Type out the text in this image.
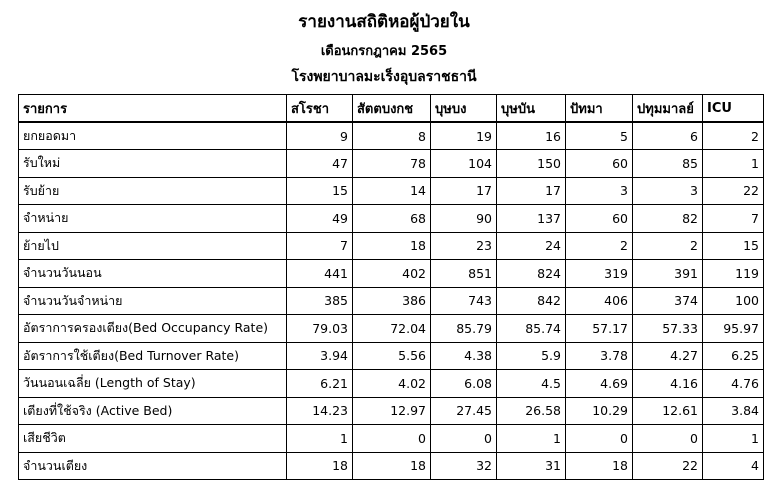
รายงานสถิติหอผู้ป่วยใน
เดือนกรกฎาคม 2565
โรงพยาบาลมะเร็งอุบลราชธานี
รายการ	สโรชา	สัตตบงกช	บุษบง	บุษบัน	ปัทมา	ปทุมมาลย์	ICU
ยกยอดมา	9	8	19	16	5	6	2
รับใหม่	47	78	104	150	60	85	1
รับย้าย	15	14	17	17	3	3	22
จำหน่าย	49	68	90	137	60	82	7
ย้ายไป	7	18	23	24	2	2	15
จำนวนวันนอน	441	402	851	824	319	391	119
จำนวนวันจำหน่าย	385	386	743	842	406	374	100
อัตราการครองเตียง(Bed Occupancy Rate)	79.03	72.04	85.79	85.74	57.17	57.33	95.97
อัตราการใช้เตียง(Bed Turnover Rate)	3.94	5.56	4.38	5.9	3.78	4.27	6.25
วันนอนเฉลี่ย (Length of Stay)	6.21	4.02	6.08	4.5	4.69	4.16	4.76
เตียงที่ใช้จริง (Active Bed)	14.23	12.97	27.45	26.58	10.29	12.61	3.84
เสียชีวิต	1	0	0	1	0	0	1
จำนวนเตียง	18	18	32	31	18	22	4
